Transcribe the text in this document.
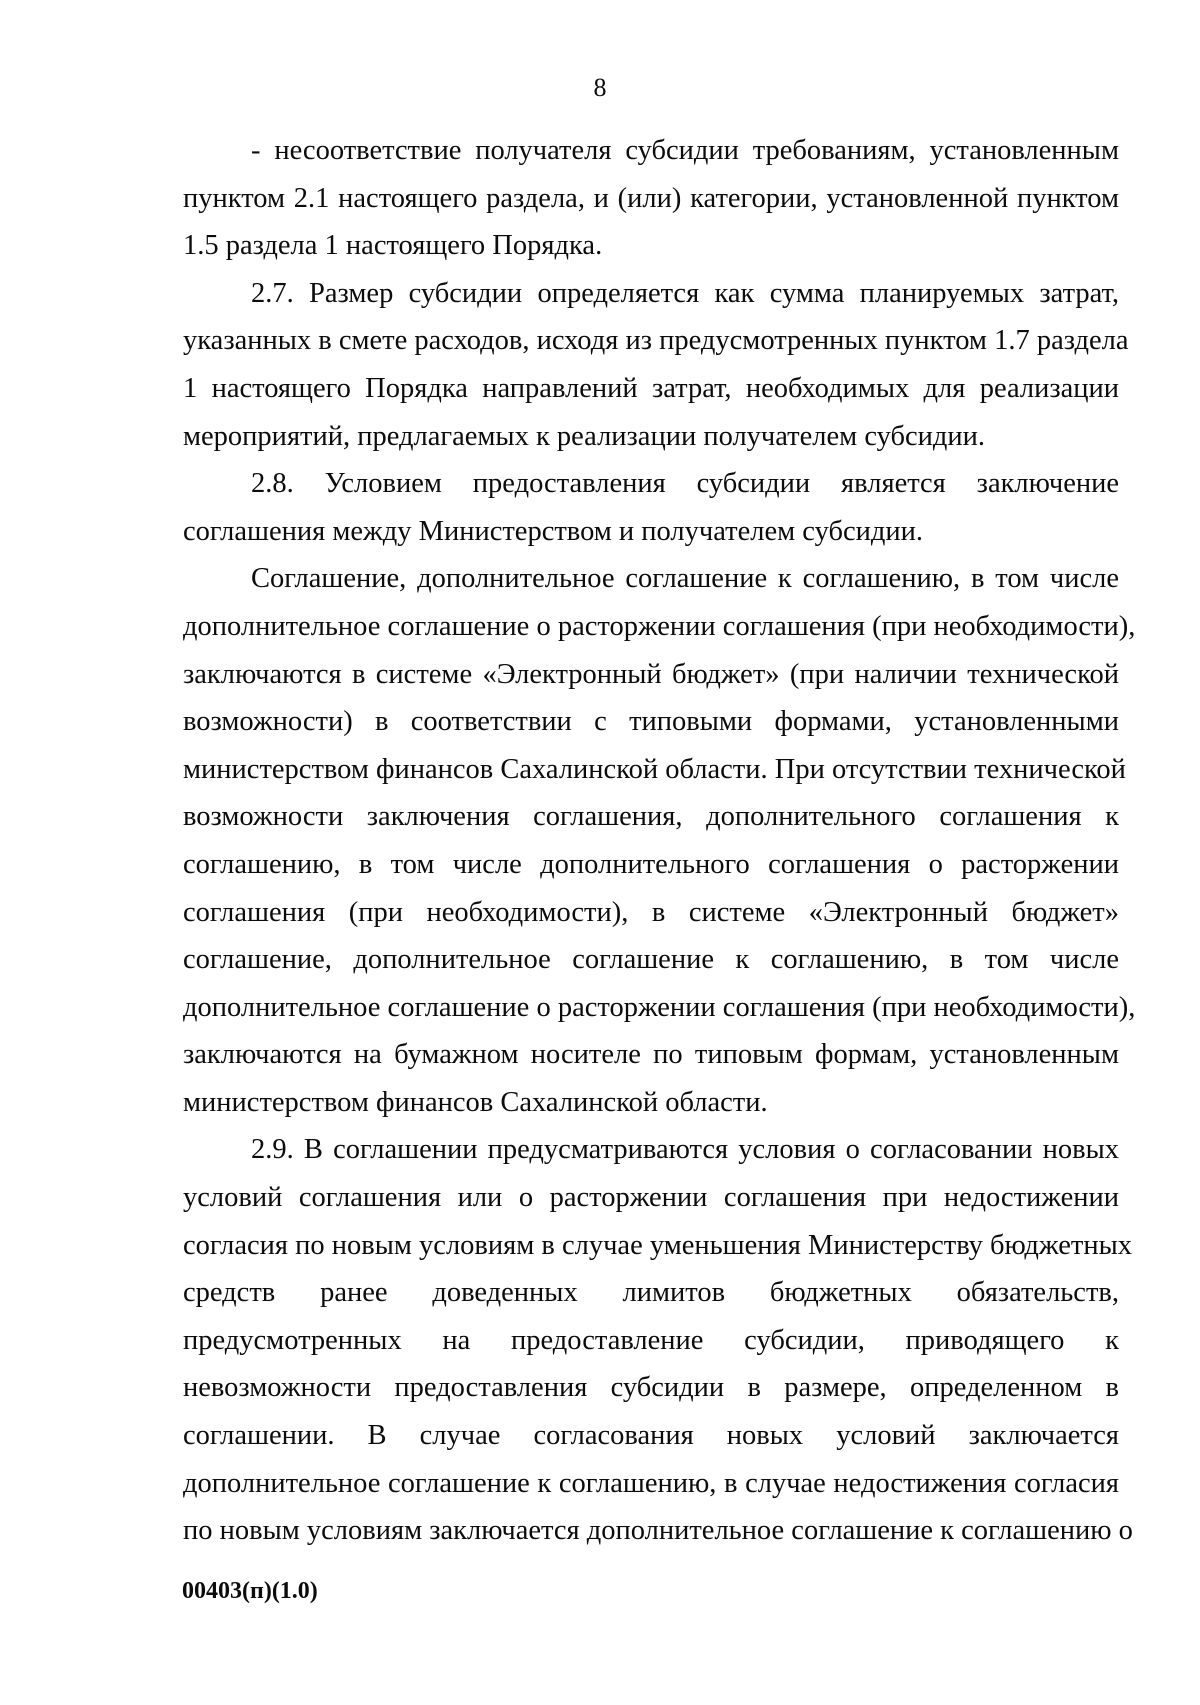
8

- несоответствие получателя субсидии требованиям, установленным
пунктом 2.1 настоящего раздела, и (или) категории, установленной пунктом
1.5 раздела 1 настоящего Порядка.

2.7. Размер субсидии определяется как сумма планируемых затрат,
указанных в смете расходов, исходя из предусмотренных пунктом 1.7 раздела
1 настоящего Порядка направлений затрат, необходимых для реализации
мероприятий, предлагаемых к реализации получателем субсидии.

2.8. Условием предоставления субсидии является заключение
соглашения между Министерством и получателем субсидии.

Соглашение, дополнительное соглашение к соглашению, в том числе
дополнительное соглашение о расторжении соглашения (при необходимости),
заключаются в системе «Электронный бюджет» (при наличии технической
возможности) в соответствии с типовыми формами, установленными
министерством финансов Сахалинской области. При отсутствии технической
возможности заключения соглашения, дополнительного соглашения к
соглашению, в том числе дополнительного соглашения о расторжении
соглашения (при необходимости), в системе «Электронный бюджет»
соглашение, дополнительное соглашение к соглашению, в том числе
дополнительное соглашение о расторжении соглашения (при необходимости),
заключаются на бумажном носителе по типовым формам, установленным
министерством финансов Сахалинской области.

2.9. В соглашении предусматриваются условия о согласовании новых
условий соглашения или о расторжении соглашения при недостижении
согласия по новым условиям в случае уменьшения Министерству бюджетных
средств ранее доведенных лимитов бюджетных обязательств,
предусмотренных на предоставление субсидии, приводящего к
невозможности предоставления субсидии в размере, определенном в
соглашении. В случае согласования новых условий заключается
дополнительное соглашение к соглашению, в случае недостижения согласия
по новым условиям заключается дополнительное соглашение к соглашению о

00403(п)(1.0)
